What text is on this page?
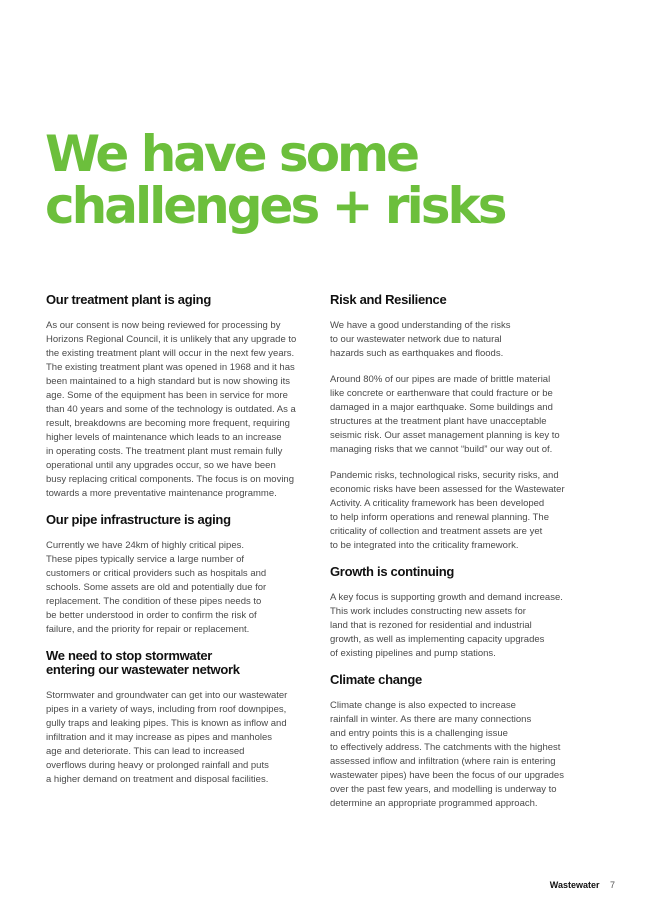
We have some
challenges + risks
Our treatment plant is aging

As our consent is now being reviewed for processing by
Horizons Regional Council, it is unlikely that any upgrade to
the existing treatment plant will occur in the next few years.
The existing treatment plant was opened in 1968 and it has
been maintained to a high standard but is now showing its
age. Some of the equipment has been in service for more
than 40 years and some of the technology is outdated. As a
result, breakdowns are becoming more frequent, requiring
higher levels of maintenance which leads to an increase
in operating costs. The treatment plant must remain fully
operational until any upgrades occur, so we have been
busy replacing critical components. The focus is on moving
towards a more preventative maintenance programme.

Our pipe infrastructure is aging

Currently we have 24km of highly critical pipes.
These pipes typically service a large number of
customers or critical providers such as hospitals and
schools. Some assets are old and potentially due for
replacement. The condition of these pipes needs to
be better understood in order to confirm the risk of
failure, and the priority for repair or replacement.

We need to stop stormwater
entering our wastewater network

Stormwater and groundwater can get into our wastewater
pipes in a variety of ways, including from roof downpipes,
gully traps and leaking pipes. This is known as inflow and
infiltration and it may increase as pipes and manholes
age and deteriorate. This can lead to increased
overflows during heavy or prolonged rainfall and puts
a higher demand on treatment and disposal facilities.

Risk and Resilience

We have a good understanding of the risks
to our wastewater network due to natural
hazards such as earthquakes and floods.

Around 80% of our pipes are made of brittle material
like concrete or earthenware that could fracture or be
damaged in a major earthquake. Some buildings and
structures at the treatment plant have unacceptable
seismic risk. Our asset management planning is key to
managing risks that we cannot “build” our way out of.

Pandemic risks, technological risks, security risks, and
economic risks have been assessed for the Wastewater
Activity. A criticality framework has been developed
to help inform operations and renewal planning. The
criticality of collection and treatment assets are yet
to be integrated into the criticality framework.

Growth is continuing

A key focus is supporting growth and demand increase.
This work includes constructing new assets for
land that is rezoned for residential and industrial
growth, as well as implementing capacity upgrades
of existing pipelines and pump stations.

Climate change

Climate change is also expected to increase
rainfall in winter. As there are many connections
and entry points this is a challenging issue
to effectively address. The catchments with the highest
assessed inflow and infiltration (where rain is entering
wastewater pipes) have been the focus of our upgrades
over the past few years, and modelling is underway to
determine an appropriate programmed approach.

Wastewater 7
